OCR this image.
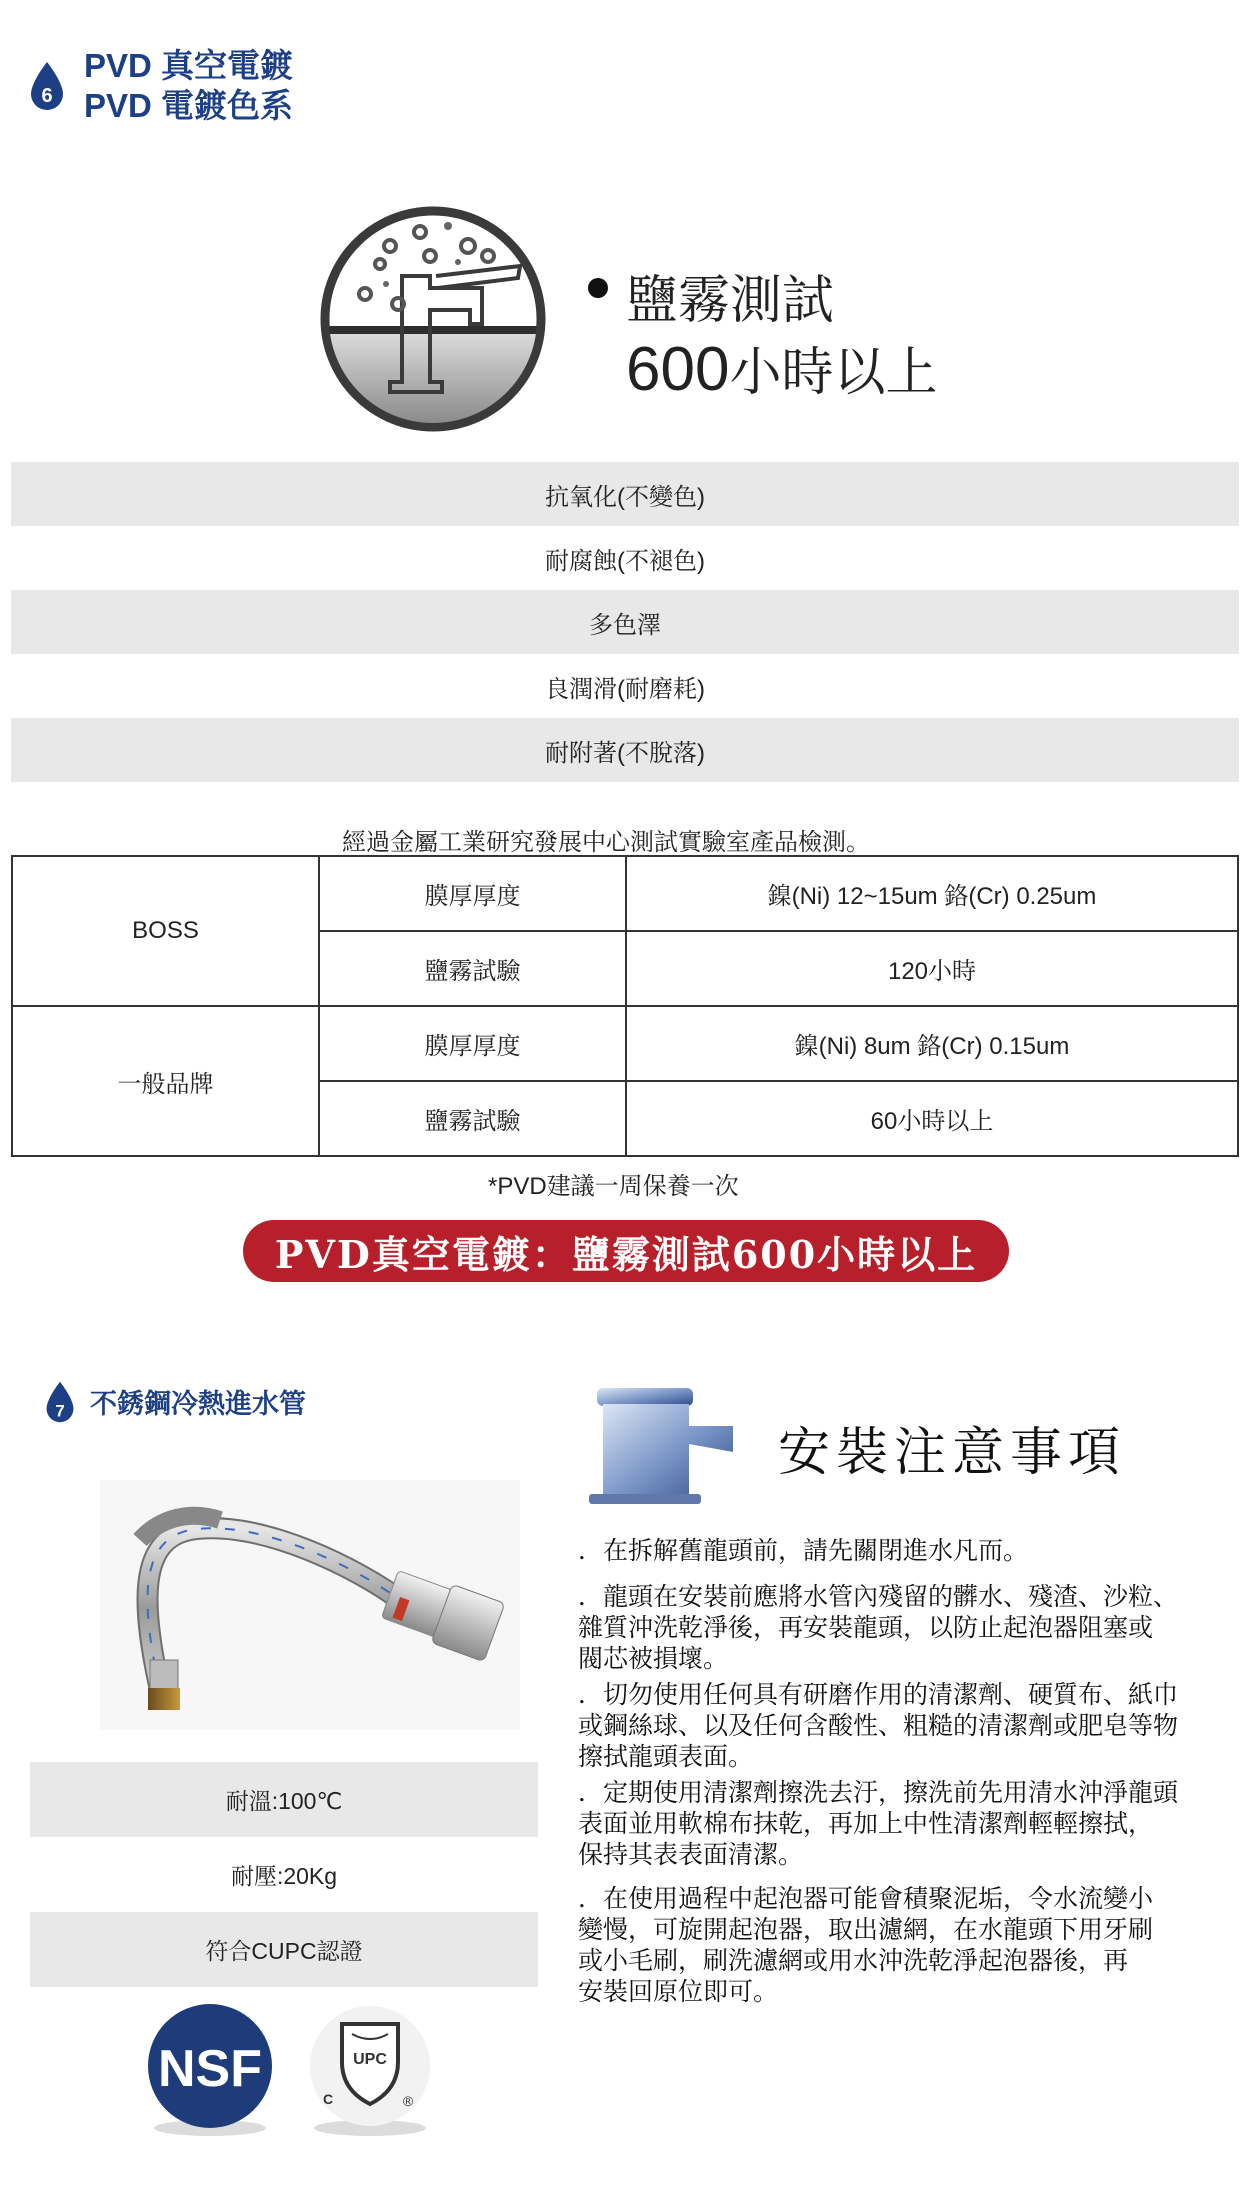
6
PVD 真空電鍍
PVD 電鍍色系
鹽霧測試
600小時以上
抗氧化(不變色)
耐腐蝕(不褪色)
多色澤
良潤滑(耐磨耗)
耐附著(不脫落)
經過金屬工業研究發展中心測試實驗室產品檢測。
BOSS	膜厚厚度	鎳(Ni) 12~15um 鉻(Cr) 0.25um
	鹽霧試驗	120小時
一般品牌	膜厚厚度	鎳(Ni) 8um 鉻(Cr) 0.15um
	鹽霧試驗	60小時以上
*PVD建議一周保養一次
PVD真空電鍍：鹽霧測試600小時以上
7 不銹鋼冷熱進水管
耐溫:100℃
耐壓:20Kg
符合CUPC認證
NSF	UPC
C	®
安裝注意事項
．在拆解舊龍頭前，請先關閉進水凡而。
．龍頭在安裝前應將水管內殘留的髒水、殘渣、沙粒、
雜質沖洗乾淨後，再安裝龍頭，以防止起泡器阻塞或
閥芯被損壞。
．切勿使用任何具有研磨作用的清潔劑、硬質布、紙巾
或鋼絲球、以及任何含酸性、粗糙的清潔劑或肥皂等物
擦拭龍頭表面。
．定期使用清潔劑擦洗去汙，擦洗前先用清水沖淨龍頭
表面並用軟棉布抹乾，再加上中性清潔劑輕輕擦拭，
保持其表表面清潔。
．在使用過程中起泡器可能會積聚泥垢，令水流變小
變慢，可旋開起泡器，取出濾網，在水龍頭下用牙刷
或小毛刷，刷洗濾網或用水沖洗乾淨起泡器後，再
安裝回原位即可。
